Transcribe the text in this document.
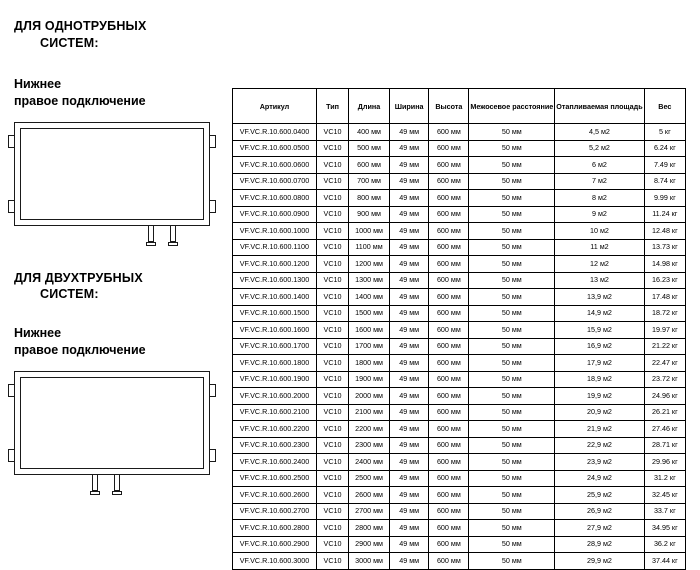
ДЛЯ ОДНОТРУБНЫХ
СИСТЕМ:

Нижнее
правое подключение

ДЛЯ ДВУХТРУБНЫХ
СИСТЕМ:

Нижнее
правое подключение

Артикул	Тип	Длина	Ширина	Высота	Межосевое расстояние	Отапливаемая площадь	Вес
VF.VC.R.10.600.0400	VC10	400 мм	49 мм	600 мм	50 мм	4,5 м2	5 кг
VF.VC.R.10.600.0500	VC10	500 мм	49 мм	600 мм	50 мм	5,2 м2	6.24 кг
VF.VC.R.10.600.0600	VC10	600 мм	49 мм	600 мм	50 мм	6 м2	7.49 кг
VF.VC.R.10.600.0700	VC10	700 мм	49 мм	600 мм	50 мм	7 м2	8.74 кг
VF.VC.R.10.600.0800	VC10	800 мм	49 мм	600 мм	50 мм	8 м2	9.99 кг
VF.VC.R.10.600.0900	VC10	900 мм	49 мм	600 мм	50 мм	9 м2	11.24 кг
VF.VC.R.10.600.1000	VC10	1000 мм	49 мм	600 мм	50 мм	10 м2	12.48 кг
VF.VC.R.10.600.1100	VC10	1100 мм	49 мм	600 мм	50 мм	11 м2	13.73 кг
VF.VC.R.10.600.1200	VC10	1200 мм	49 мм	600 мм	50 мм	12 м2	14.98 кг
VF.VC.R.10.600.1300	VC10	1300 мм	49 мм	600 мм	50 мм	13 м2	16.23 кг
VF.VC.R.10.600.1400	VC10	1400 мм	49 мм	600 мм	50 мм	13,9 м2	17.48 кг
VF.VC.R.10.600.1500	VC10	1500 мм	49 мм	600 мм	50 мм	14,9 м2	18.72 кг
VF.VC.R.10.600.1600	VC10	1600 мм	49 мм	600 мм	50 мм	15,9 м2	19.97 кг
VF.VC.R.10.600.1700	VC10	1700 мм	49 мм	600 мм	50 мм	16,9 м2	21.22 кг
VF.VC.R.10.600.1800	VC10	1800 мм	49 мм	600 мм	50 мм	17,9 м2	22.47 кг
VF.VC.R.10.600.1900	VC10	1900 мм	49 мм	600 мм	50 мм	18,9 м2	23.72 кг
VF.VC.R.10.600.2000	VC10	2000 мм	49 мм	600 мм	50 мм	19,9 м2	24.96 кг
VF.VC.R.10.600.2100	VC10	2100 мм	49 мм	600 мм	50 мм	20,9 м2	26.21 кг
VF.VC.R.10.600.2200	VC10	2200 мм	49 мм	600 мм	50 мм	21,9 м2	27.46 кг
VF.VC.R.10.600.2300	VC10	2300 мм	49 мм	600 мм	50 мм	22,9 м2	28.71 кг
VF.VC.R.10.600.2400	VC10	2400 мм	49 мм	600 мм	50 мм	23,9 м2	29.96 кг
VF.VC.R.10.600.2500	VC10	2500 мм	49 мм	600 мм	50 мм	24,9 м2	31.2 кг
VF.VC.R.10.600.2600	VC10	2600 мм	49 мм	600 мм	50 мм	25,9 м2	32.45 кг
VF.VC.R.10.600.2700	VC10	2700 мм	49 мм	600 мм	50 мм	26,9 м2	33.7 кг
VF.VC.R.10.600.2800	VC10	2800 мм	49 мм	600 мм	50 мм	27,9 м2	34.95 кг
VF.VC.R.10.600.2900	VC10	2900 мм	49 мм	600 мм	50 мм	28,9 м2	36.2 кг
VF.VC.R.10.600.3000	VC10	3000 мм	49 мм	600 мм	50 мм	29,9 м2	37.44 кг
